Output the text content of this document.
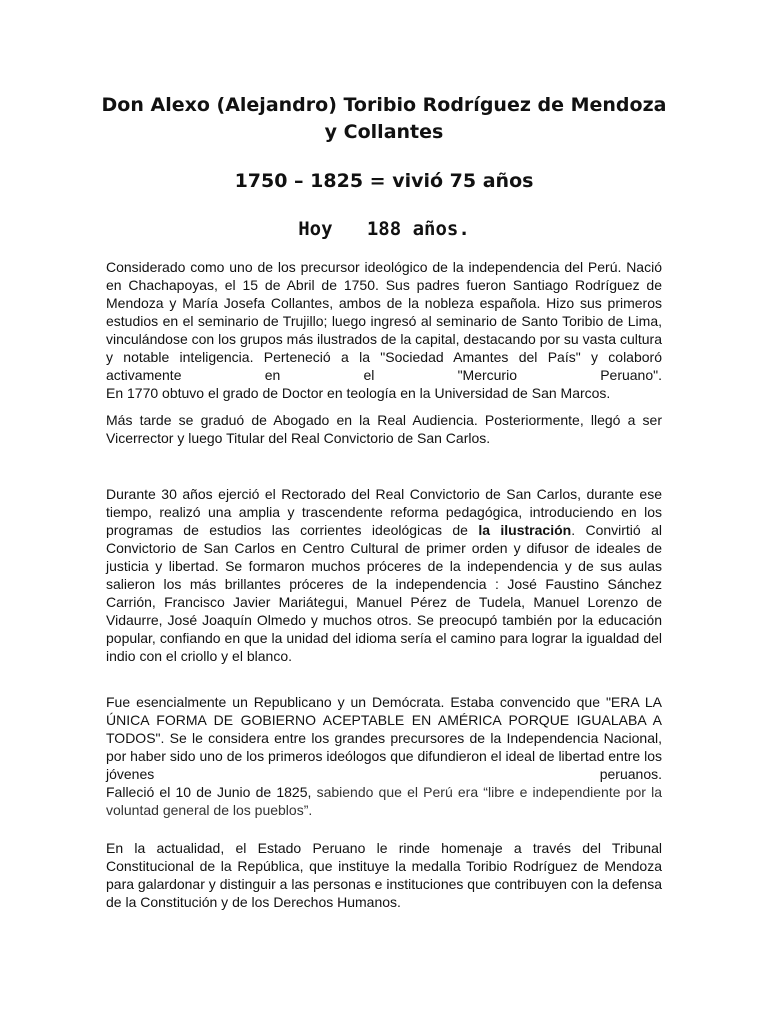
Don Alexo (Alejandro) Toribio Rodríguez de Mendoza y Collantes
1750 – 1825 = vivió 75 años
Hoy   188 años.

Considerado como uno de los precursor ideológico de la independencia del Perú. Nació en Chachapoyas, el 15 de Abril de 1750. Sus padres fueron Santiago Rodríguez de Mendoza y María Josefa Collantes, ambos de la nobleza española. Hizo sus primeros estudios en el seminario de Trujillo; luego ingresó al seminario de Santo Toribio de Lima, vinculándose con los grupos más ilustrados de la capital, destacando por su vasta cultura y notable inteligencia. Perteneció a la "Sociedad Amantes del País" y colaboró activamente en el "Mercurio Peruano".

En 1770 obtuvo el grado de Doctor en teología en la Universidad de San Marcos.

Más tarde se graduó de Abogado en la Real Audiencia. Posteriormente, llegó a ser Vicerrector y luego Titular del Real Convictorio de San Carlos.

Durante 30 años ejerció el Rectorado del Real Convictorio de San Carlos, durante ese tiempo, realizó una amplia y trascendente reforma pedagógica, introduciendo en los programas de estudios las corrientes ideológicas de la ilustración. Convirtió al Convictorio de San Carlos en Centro Cultural de primer orden y difusor de ideales de justicia y libertad. Se formaron muchos próceres de la independencia y de sus aulas salieron los más brillantes próceres de la independencia : José Faustino Sánchez Carrión, Francisco Javier Mariátegui, Manuel Pérez de Tudela, Manuel Lorenzo de Vidaurre, José Joaquín Olmedo y muchos otros. Se preocupó también por la educación popular, confiando en que la unidad del idioma sería el camino para lograr la igualdad del indio con el criollo y el blanco.

Fue esencialmente un Republicano y un Demócrata. Estaba convencido que "ERA LA ÚNICA FORMA DE GOBIERNO ACEPTABLE EN AMÉRICA PORQUE IGUALABA A TODOS". Se le considera entre los grandes precursores de la Independencia Nacional, por haber sido uno de los primeros ideólogos que difundieron el ideal de libertad entre los jóvenes peruanos.

Falleció el 10 de Junio de 1825, sabiendo que el Perú era “libre e independiente por la voluntad general de los pueblos”.

En la actualidad, el Estado Peruano le rinde homenaje a través del Tribunal Constitucional de la República, que instituye la medalla Toribio Rodríguez de Mendoza para galardonar y distinguir a las personas e instituciones que contribuyen con la defensa de la Constitución y de los Derechos Humanos.
